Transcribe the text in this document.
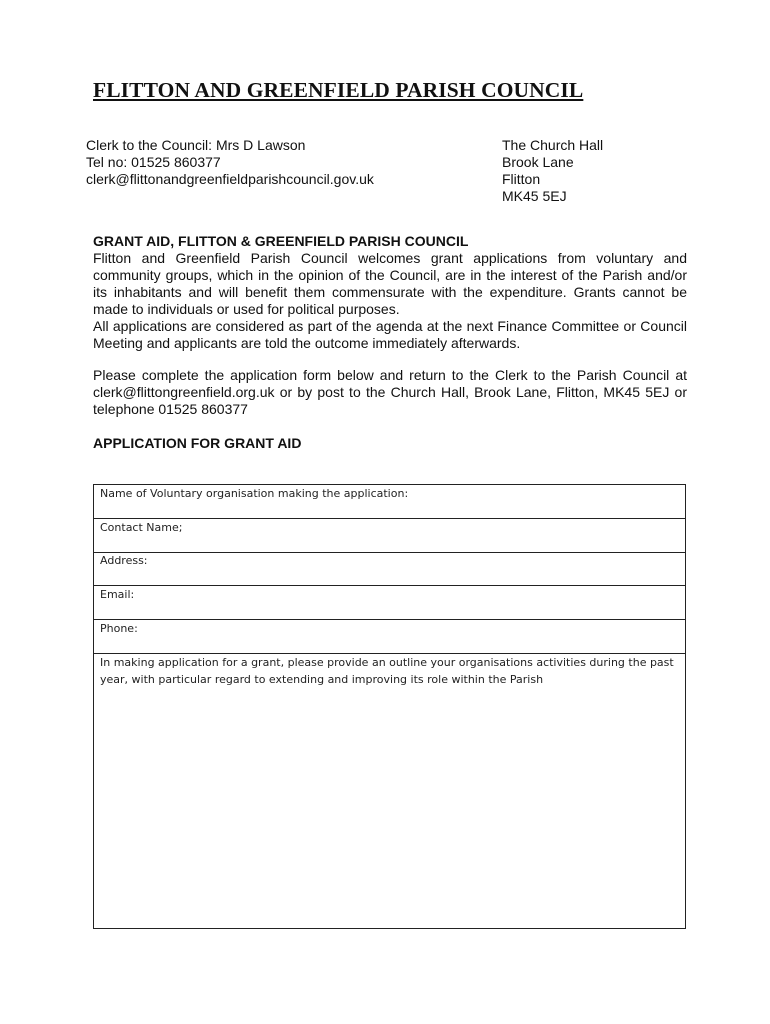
FLITTON AND GREENFIELD PARISH COUNCIL
Clerk to the Council: Mrs D Lawson
Tel no: 01525 860377
clerk@flittonandgreenfieldparishcouncil.gov.uk
The Church Hall
Brook Lane
Flitton
MK45 5EJ
GRANT AID, FLITTON & GREENFIELD PARISH COUNCIL

Flitton and Greenfield Parish Council welcomes grant applications from voluntary and community groups, which in the opinion of the Council, are in the interest of the Parish and/or its inhabitants and will benefit them commensurate with the expenditure. Grants cannot be made to individuals or used for political purposes.

All applications are considered as part of the agenda at the next Finance Committee or Council Meeting and applicants are told the outcome immediately afterwards.

Please complete the application form below and return to the Clerk to the Parish Council at clerk@flittongreenfield.org.uk or by post to the Church Hall, Brook Lane, Flitton, MK45 5EJ or telephone 01525 860377

APPLICATION FOR GRANT AID
Name of Voluntary organisation making the application:
Contact Name;
Address:
Email:
Phone:
In making application for a grant, please provide an outline your organisations activities during the past year, with particular regard to extending and improving its role within the Parish
